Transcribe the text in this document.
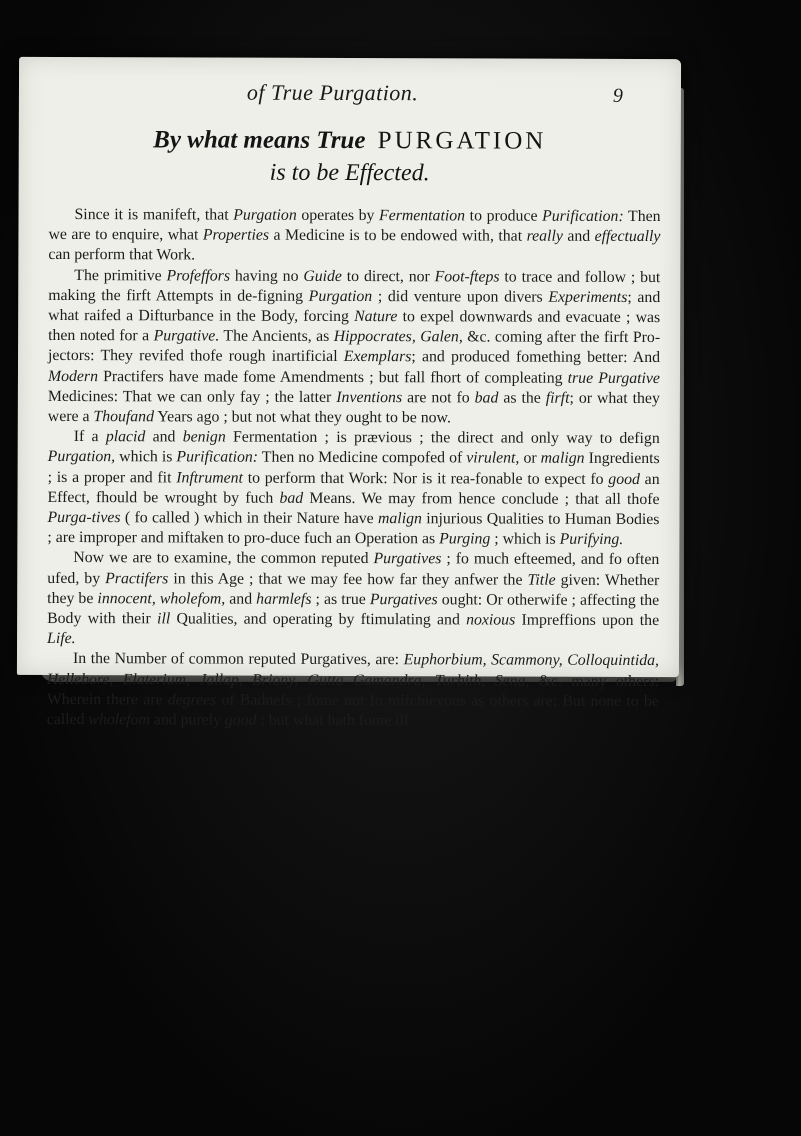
of True Purgation.	9
By what means True PURGATION
is to be Effected.

Since it is manifeft, that Purgation operates by Fermentation to produce Purification: Then we are to enquire, what Properties a Medicine is to be endowed with, that really and effectually can perform that Work.

The primitive Profeffors having no Guide to direct, nor Foot-fteps to trace and follow ; but making the firft Attempts in de-figning Purgation ; did venture upon divers Experiments; and what raifed a Difturbance in the Body, forcing Nature to expel downwards and evacuate ; was then noted for a Purgative. The Ancients, as Hippocrates, Galen, &c. coming after the firft Pro-jectors: They revifed thofe rough inartificial Exemplars; and produced fomething better: And Modern Practifers have made fome Amendments ; but fall fhort of compleating true Purgative Medicines: That we can only fay ; the latter Inventions are not fo bad as the firft; or what they were a Thoufand Years ago ; but not what they ought to be now.

If a placid and benign Fermentation ; is prævious ; the direct and only way to defign Purgation, which is Purification: Then no Medicine compofed of virulent, or malign Ingredients ; is a proper and fit Inftrument to perform that Work: Nor is it rea-fonable to expect fo good an Effect, fhould be wrought by fuch bad Means. We may from hence conclude ; that all thofe Purga-tives ( fo called ) which in their Nature have malign injurious Qualities to Human Bodies ; are improper and miftaken to pro-duce fuch an Operation as Purging ; which is Purifying.

Now we are to examine, the common reputed Purgatives ; fo much efteemed, and fo often ufed, by Practifers in this Age ; that we may fee how far they anfwer the Title given: Whether they be innocent, wholefom, and harmlefs ; as true Purgatives ought: Or otherwife ; affecting the Body with their ill Qualities, and operating by ftimulating and noxious Impreffions upon the Life.

In the Number of common reputed Purgatives, are: Euphorbium, Scammony, Colloquintida, Hellebore, Elaterium, Jallap, Briony, Gutta Gamandra, Turbith, Sena, &c. many others: Wherein there are degrees of Badnefs ; fome not fo mifchievous as others are: But none to be called wholefom and purely good ; but what hath fome ill
